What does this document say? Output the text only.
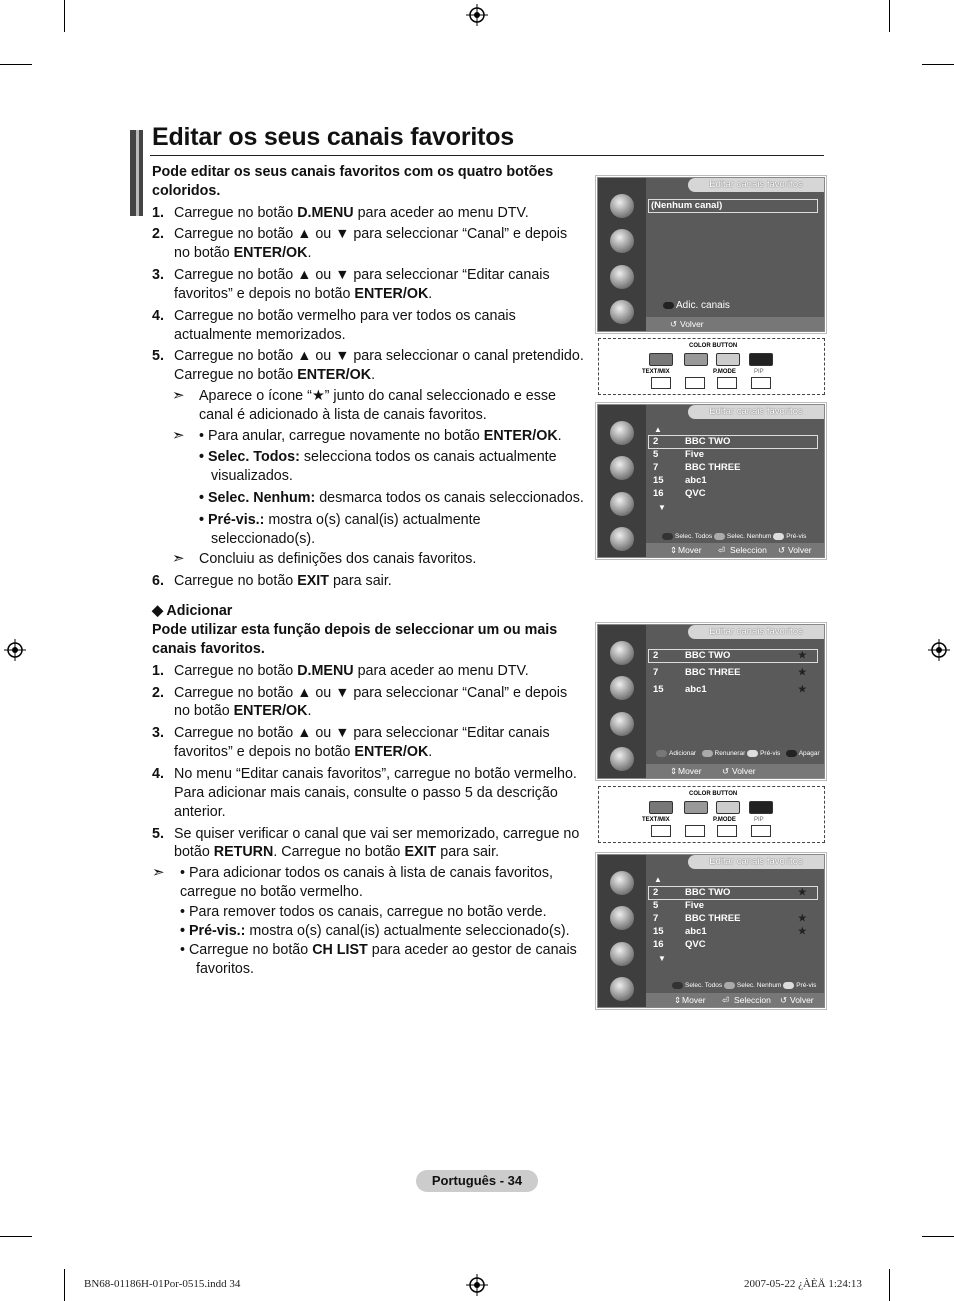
Editar os seus canais favoritos
Pode editar os seus canais favoritos com os quatro botões
coloridos.
1. Carregue no botão D.MENU para aceder ao menu DTV.
2. Carregue no botão ▲ ou ▼ para seleccionar “Canal” e depois
no botão ENTER/OK.
3. Carregue no botão ▲ ou ▼ para seleccionar “Editar canais
favoritos” e depois no botão ENTER/OK.
4. Carregue no botão vermelho para ver todos os canais
actualmente memorizados.
5. Carregue no botão ▲ ou ▼ para seleccionar o canal pretendido.
Carregue no botão ENTER/OK.
➣ Aparece o ícone “★” junto do canal seleccionado e esse
canal é adicionado à lista de canais favoritos.
➣ • Para anular, carregue novamente no botão ENTER/OK.
• Selec. Todos: selecciona todos os canais actualmente
visualizados.
• Selec. Nenhum: desmarca todos os canais seleccionados.
• Pré-vis.: mostra o(s) canal(is) actualmente
seleccionado(s).
➣ Concluiu as definições dos canais favoritos.
6. Carregue no botão EXIT para sair.
◆ Adicionar
Pode utilizar esta função depois de seleccionar um ou mais
canais favoritos.
1. Carregue no botão D.MENU para aceder ao menu DTV.
2. Carregue no botão ▲ ou ▼ para seleccionar “Canal” e depois
no botão ENTER/OK.
3. Carregue no botão ▲ ou ▼ para seleccionar “Editar canais
favoritos” e depois no botão ENTER/OK.
4. No menu “Editar canais favoritos”, carregue no botão vermelho.
Para adicionar mais canais, consulte o passo 5 da descrição
anterior.
5. Se quiser verificar o canal que vai ser memorizado, carregue no
botão RETURN. Carregue no botão EXIT para sair.
➣ • Para adicionar todos os canais à lista de canais favoritos,
carregue no botão vermelho.
• Para remover todos os canais, carregue no botão verde.
• Pré-vis.: mostra o(s) canal(is) actualmente seleccionado(s).
• Carregue no botão CH LIST para aceder ao gestor de canais
favoritos.
Editar canais favoritos
(Nenhum canal)
Adic. canais
↺ Volver
COLOR BUTTON
TEXT/MIX	P.MODE	PIP
Editar canais favoritos
▲
2	BBC TWO
5	Five
7	BBC THREE
15 abc1
16 QVC
▼
Selec. Todos Selec. Nenhum Pré-vis
⇕ Mover ⏎ Seleccion ↺ Volver
Editar canais favoritos
2	BBC TWO	★
7	BBC THREE	★
15 abc1	★
Adicionar	Renunerar Pré-vis	Apagar
⇕ Mover ↺ Volver
COLOR BUTTON
TEXT/MIX	P.MODE	PIP
Editar canais favoritos
▲
2	BBC TWO	★
5	Five
7	BBC THREE	★
15 abc1	★
16 QVC
▼
Selec. Todos Selec. Nenhum Pré-vis
⇕ Mover ⏎ Seleccion ↺ Volver
Português - 34
BN68-01186H-01Por-0515.indd 34	2007-05-22 ¿ÀÈÄ 1:24:13
